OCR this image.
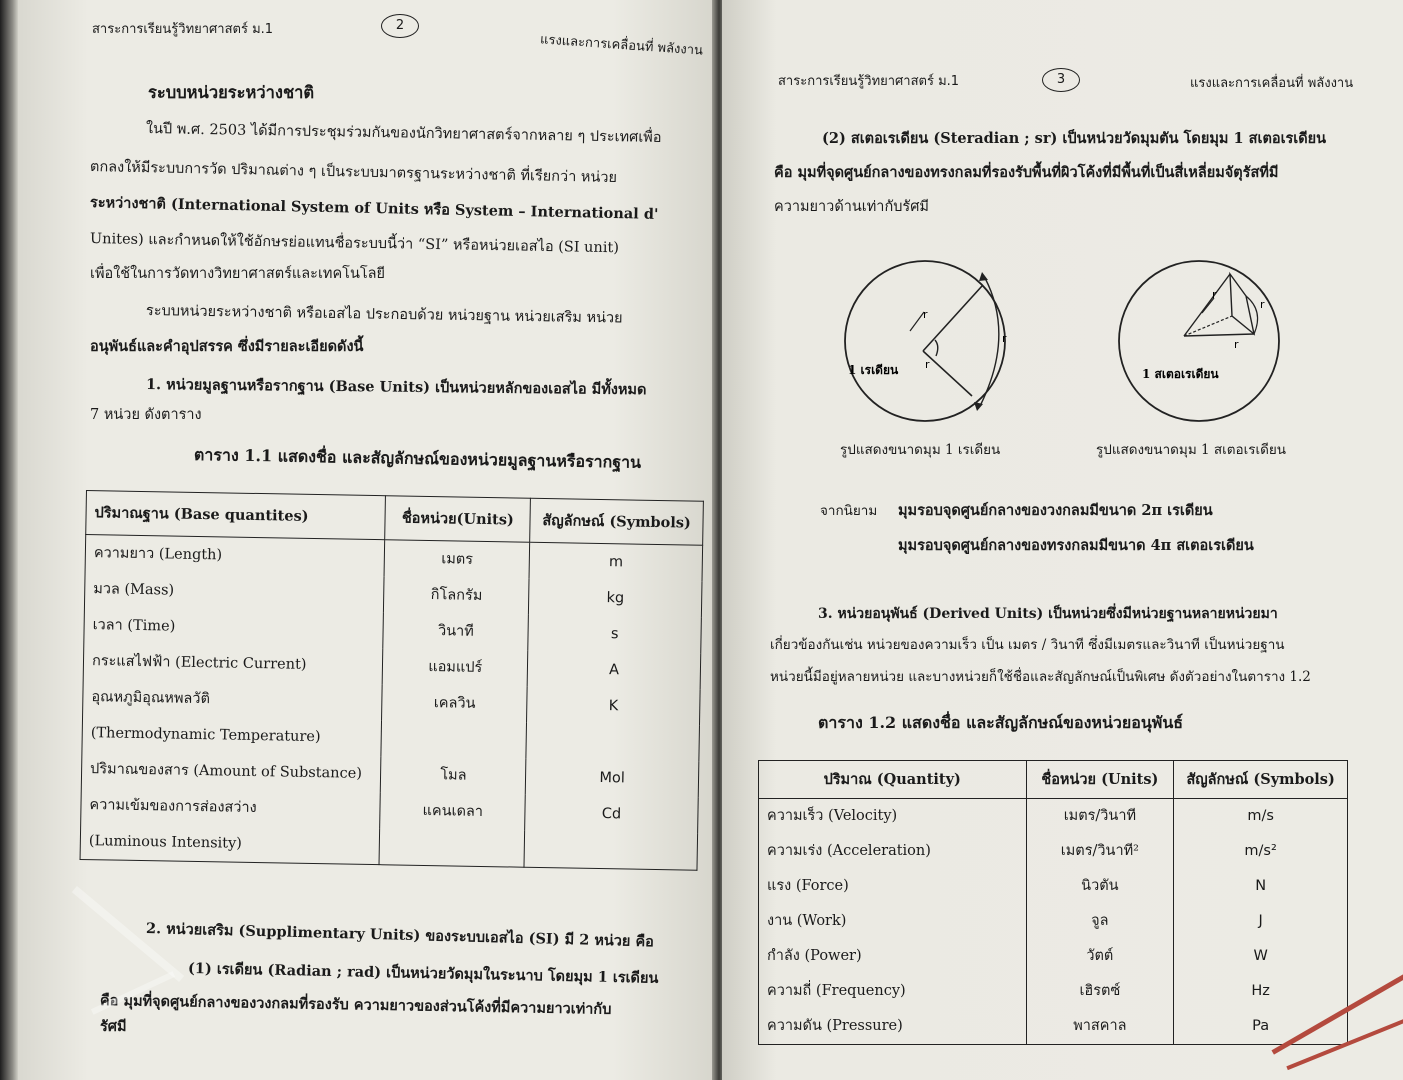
สาระการเรียนรู้วิทยาศาสตร์ ม.1	2
แรงและการเคลื่อนที่ พลังงาน
ระบบหน่วยระหว่างชาติ
ในปี พ.ศ. 2503 ได้มีการประชุมร่วมกันของนักวิทยาศาสตร์จากหลาย ๆ ประเทศเพื่อ
ตกลงให้มีระบบการวัด ปริมาณต่าง ๆ เป็นระบบมาตรฐานระหว่างชาติ ที่เรียกว่า หน่วย
ระหว่างชาติ (International System of Units หรือ System – International d'
Unites) และกำหนดให้ใช้อักษรย่อแทนชื่อระบบนี้ว่า “SI” หรือหน่วยเอสไอ (SI unit)
เพื่อใช้ในการวัดทางวิทยาศาสตร์และเทคโนโลยี
ระบบหน่วยระหว่างชาติ หรือเอสไอ ประกอบด้วย หน่วยฐาน หน่วยเสริม หน่วย
อนุพันธ์และคำอุปสรรค ซึ่งมีรายละเอียดดังนี้
1. หน่วยมูลฐานหรือรากฐาน (Base Units) เป็นหน่วยหลักของเอสไอ มีทั้งหมด
7 หน่วย ดังตาราง
ตาราง 1.1 แสดงชื่อ และสัญลักษณ์ของหน่วยมูลฐานหรือรากฐาน
ปริมาณฐาน (Base quantites)	ชื่อหน่วย(Units)	สัญลักษณ์ (Symbols)
ความยาว (Length)	เมตร	m
มวล (Mass)	กิโลกรัม	kg
เวลา (Time)	วินาที	s
กระแสไฟฟ้า (Electric Current)	แอมแปร์	A
อุณหภูมิอุณหพลวัติ	เคลวิน	K
(Thermodynamic Temperature)		
ปริมาณของสาร (Amount of Substance)	โมล	Mol
ความเข้มของการส่องสว่าง	แคนเดลา	Cd
(Luminous Intensity)		
2. หน่วยเสริม (Supplimentary Units) ของระบบเอสไอ (SI) มี 2 หน่วย คือ
(1) เรเดียน (Radian ; rad) เป็นหน่วยวัดมุมในระนาบ โดยมุม 1 เรเดียน
คือ มุมที่จุดศูนย์กลางของวงกลมที่รองรับ ความยาวของส่วนโค้งที่มีความยาวเท่ากับ
รัศมี
สาระการเรียนรู้วิทยาศาสตร์ ม.1	3	แรงและการเคลื่อนที่ พลังงาน
(2) สเตอเรเดียน (Steradian ; sr) เป็นหน่วยวัดมุมตัน โดยมุม 1 สเตอเรเดียน
คือ มุมที่จุดศูนย์กลางของทรงกลมที่รองรับพื้นที่ผิวโค้งที่มีพื้นที่เป็นสี่เหลี่ยมจัตุรัสที่มี
ความยาวด้านเท่ากับรัศมี
r
r
r
1 เรเดียน
รูปแสดงขนาดมุม 1 เรเดียน
r
r
r
1 สเตอเรเดียน
รูปแสดงขนาดมุม 1 สเตอเรเดียน
จากนิยาม มุมรอบจุดศูนย์กลางของวงกลมมีขนาด 2π เรเดียน
มุมรอบจุดศูนย์กลางของทรงกลมมีขนาด 4π สเตอเรเดียน
3. หน่วยอนุพันธ์ (Derived Units) เป็นหน่วยซึ่งมีหน่วยฐานหลายหน่วยมา
เกี่ยวข้องกันเช่น หน่วยของความเร็ว เป็น เมตร / วินาที ซึ่งมีเมตรและวินาที เป็นหน่วยฐาน
หน่วยนี้มีอยู่หลายหน่วย และบางหน่วยก็ใช้ชื่อและสัญลักษณ์เป็นพิเศษ ดังตัวอย่างในตาราง 1.2
ตาราง 1.2 แสดงชื่อ และสัญลักษณ์ของหน่วยอนุพันธ์
ปริมาณ (Quantity)	ชื่อหน่วย (Units)	สัญลักษณ์ (Symbols)
ความเร็ว (Velocity)	เมตร/วินาที	m/s
ความเร่ง (Acceleration)	เมตร/วินาที²	m/s²
แรง (Force)	นิวตัน	N
งาน (Work)	จูล	J
กำลัง (Power)	วัตต์	W
ความถี่ (Frequency)	เฮิรตซ์	Hz
ความดัน (Pressure)	พาสคาล	Pa
